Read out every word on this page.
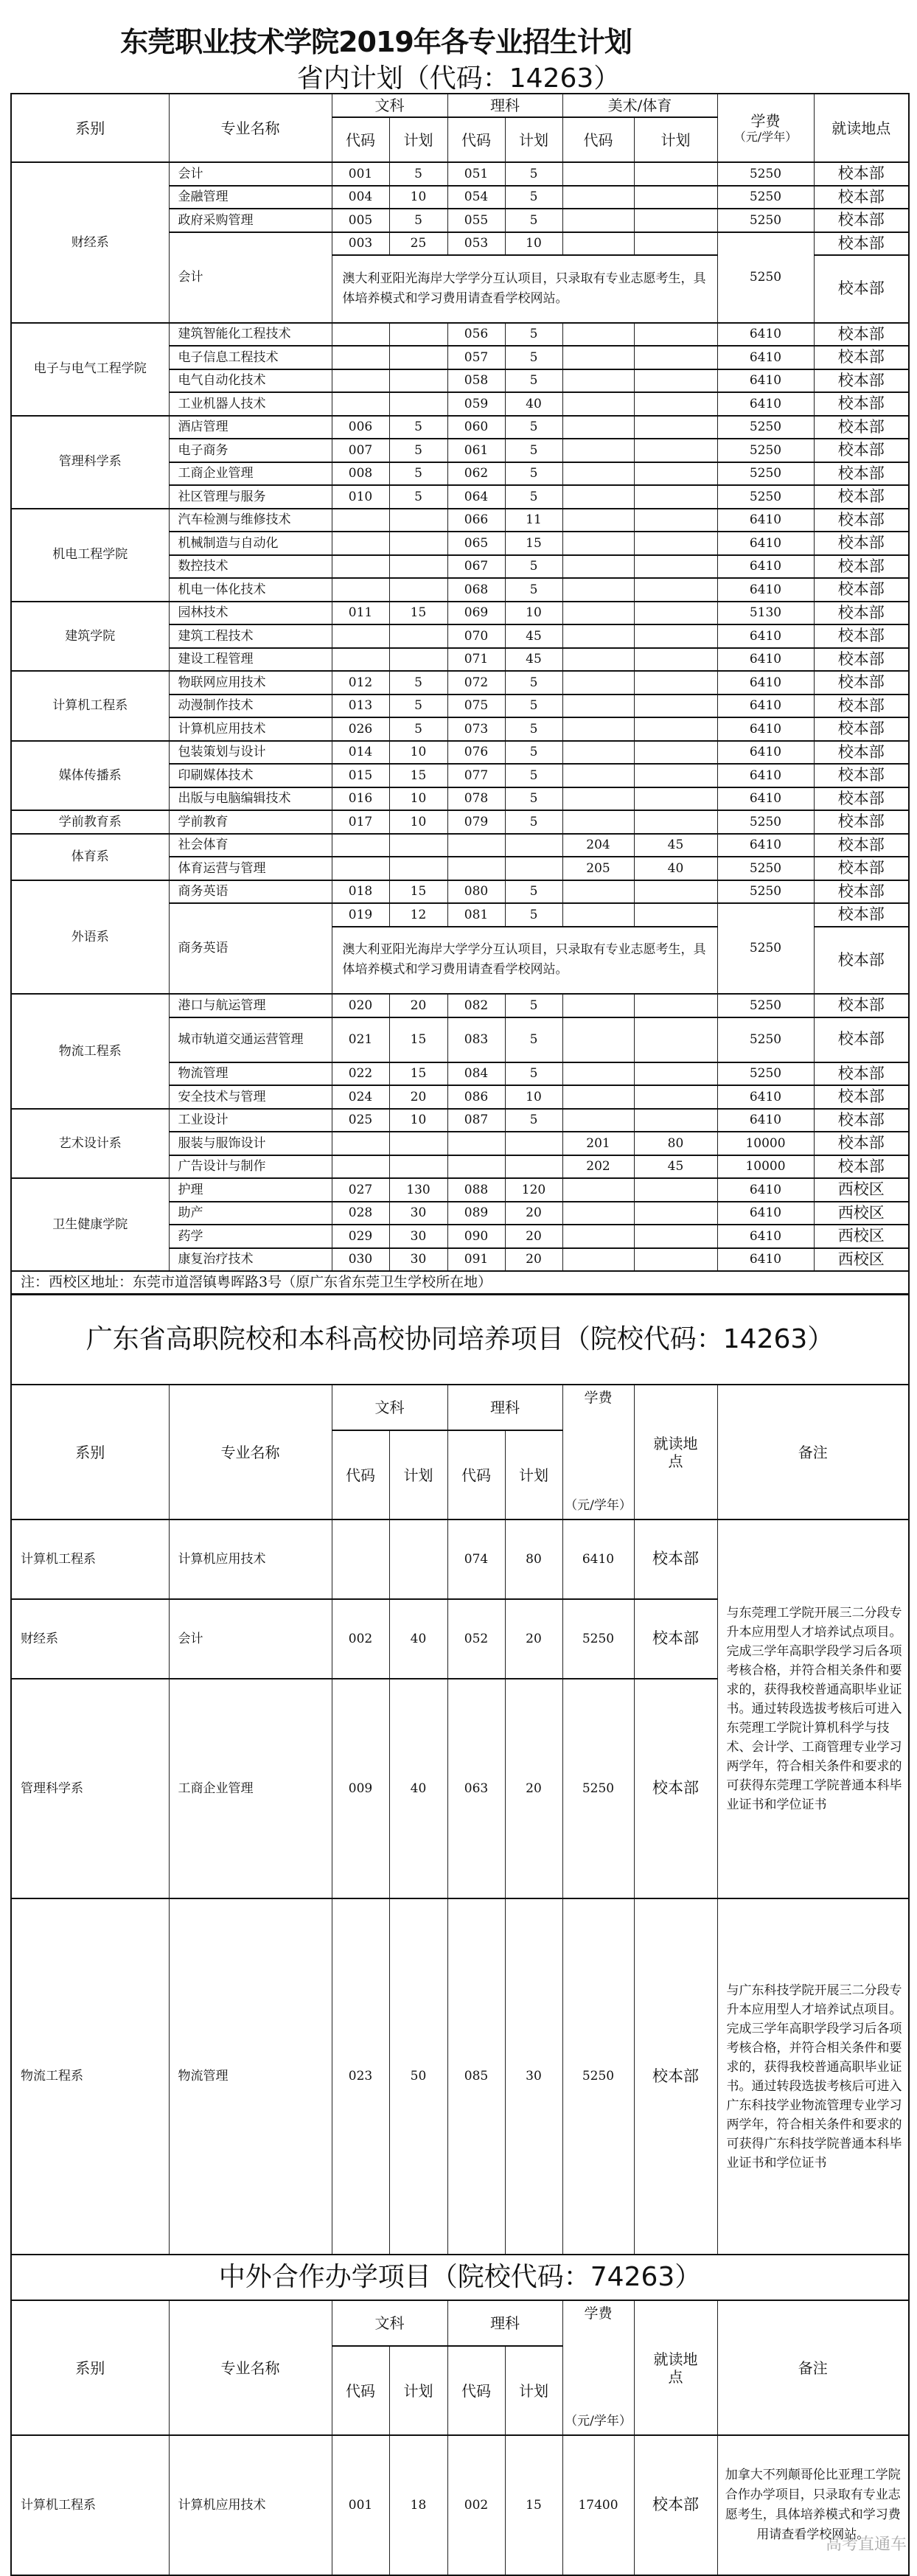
东莞职业技术学院2019年各专业招生计划
省内计划（代码：14263）
系别	专业名称	文科		理科		美术/体育		学费
（元/学年）	就读地点
		代码	计划	代码	计划	代码	计划		
财经系	会计	001	5	051	5			5250	校本部
	金融管理	004	10	054	5			5250	校本部
	政府采购管理	005	5	055	5			5250	校本部
	会计	003	25	053	10			5250	校本部
		澳大利亚阳光海岸大学学分互认项目，只录取有专业志愿考生，具体培养模式和学习费用请查看学校网站。							校本部
电子与电气工程学院	建筑智能化工程技术			056	5			6410	校本部
	电子信息工程技术			057	5			6410	校本部
	电气自动化技术			058	5			6410	校本部
	工业机器人技术			059	40			6410	校本部
管理科学系	酒店管理	006	5	060	5			5250	校本部
	电子商务	007	5	061	5			5250	校本部
	工商企业管理	008	5	062	5			5250	校本部
	社区管理与服务	010	5	064	5			5250	校本部
机电工程学院	汽车检测与维修技术			066	11			6410	校本部
	机械制造与自动化			065	15			6410	校本部
	数控技术			067	5			6410	校本部
	机电一体化技术			068	5			6410	校本部
建筑学院	园林技术	011	15	069	10			5130	校本部
	建筑工程技术			070	45			6410	校本部
	建设工程管理			071	45			6410	校本部
计算机工程系	物联网应用技术	012	5	072	5			6410	校本部
	动漫制作技术	013	5	075	5			6410	校本部
	计算机应用技术	026	5	073	5			6410	校本部
媒体传播系	包装策划与设计	014	10	076	5			6410	校本部
	印刷媒体技术	015	15	077	5			6410	校本部
	出版与电脑编辑技术	016	10	078	5			6410	校本部
学前教育系	学前教育	017	10	079	5			5250	校本部
体育系	社会体育					204	45	6410	校本部
	体育运营与管理					205	40	5250	校本部
外语系	商务英语	018	15	080	5			5250	校本部
	商务英语	019	12	081	5			5250	校本部
		澳大利亚阳光海岸大学学分互认项目，只录取有专业志愿考生，具体培养模式和学习费用请查看学校网站。							校本部
物流工程系	港口与航运管理	020	20	082	5			5250	校本部
	城市轨道交通运营管理	021	15	083	5			5250	校本部
	物流管理	022	15	084	5			5250	校本部
	安全技术与管理	024	20	086	10			6410	校本部
艺术设计系	工业设计	025	10	087	5			6410	校本部
	服装与服饰设计					201	80	10000	校本部
	广告设计与制作					202	45	10000	校本部
卫生健康学院	护理	027	130	088	120			6410	西校区
	助产	028	30	089	20			6410	西校区
	药学	029	30	090	20			6410	西校区
	康复治疗技术	030	30	091	20			6410	西校区
注：西校区地址：东莞市道滘镇粤晖路3号（原广东省东莞卫生学校所在地）									
广东省高职院校和本科高校协同培养项目（院校代码：14263）								
系别	专业名称	文科		理科		学费
（元/学年）	就读地点	备注
		代码	计划	代码	计划			
计算机工程系	计算机应用技术			074	80	6410	校本部	与东莞理工学院开展三二分段专升本应用型人才培养试点项目。完成三学年高职学段学习后各项考核合格，并符合相关条件和要求的，获得我校普通高职毕业证书。通过转段选拔考核后可进入东莞理工学院计算机科学与技术、会计学、工商管理专业学习两学年，符合相关条件和要求的可获得东莞理工学院普通本科毕业证书和学位证书
财经系	会计	002	40	052	20	5250	校本部	
管理科学系	工商企业管理	009	40	063	20	5250	校本部	
物流工程系	物流管理	023	50	085	30	5250	校本部	与广东科技学院开展三二分段专升本应用型人才培养试点项目。完成三学年高职学段学习后各项考核合格，并符合相关条件和要求的，获得我校普通高职毕业证书。通过转段选拔考核后可进入广东科技学业物流管理专业学习两学年，符合相关条件和要求的可获得广东科技学院普通本科毕业证书和学位证书
中外合作办学项目（院校代码：74263）								
系别	专业名称	文科		理科		学费
（元/学年）	就读地点	备注
		代码	计划	代码	计划			
计算机工程系	计算机应用技术	001	18	002	15	17400	校本部	加拿大不列颠哥伦比亚理工学院合作办学项目，只录取有专业志愿考生，具体培养模式和学习费用请查看学校网站。
高考直通车
